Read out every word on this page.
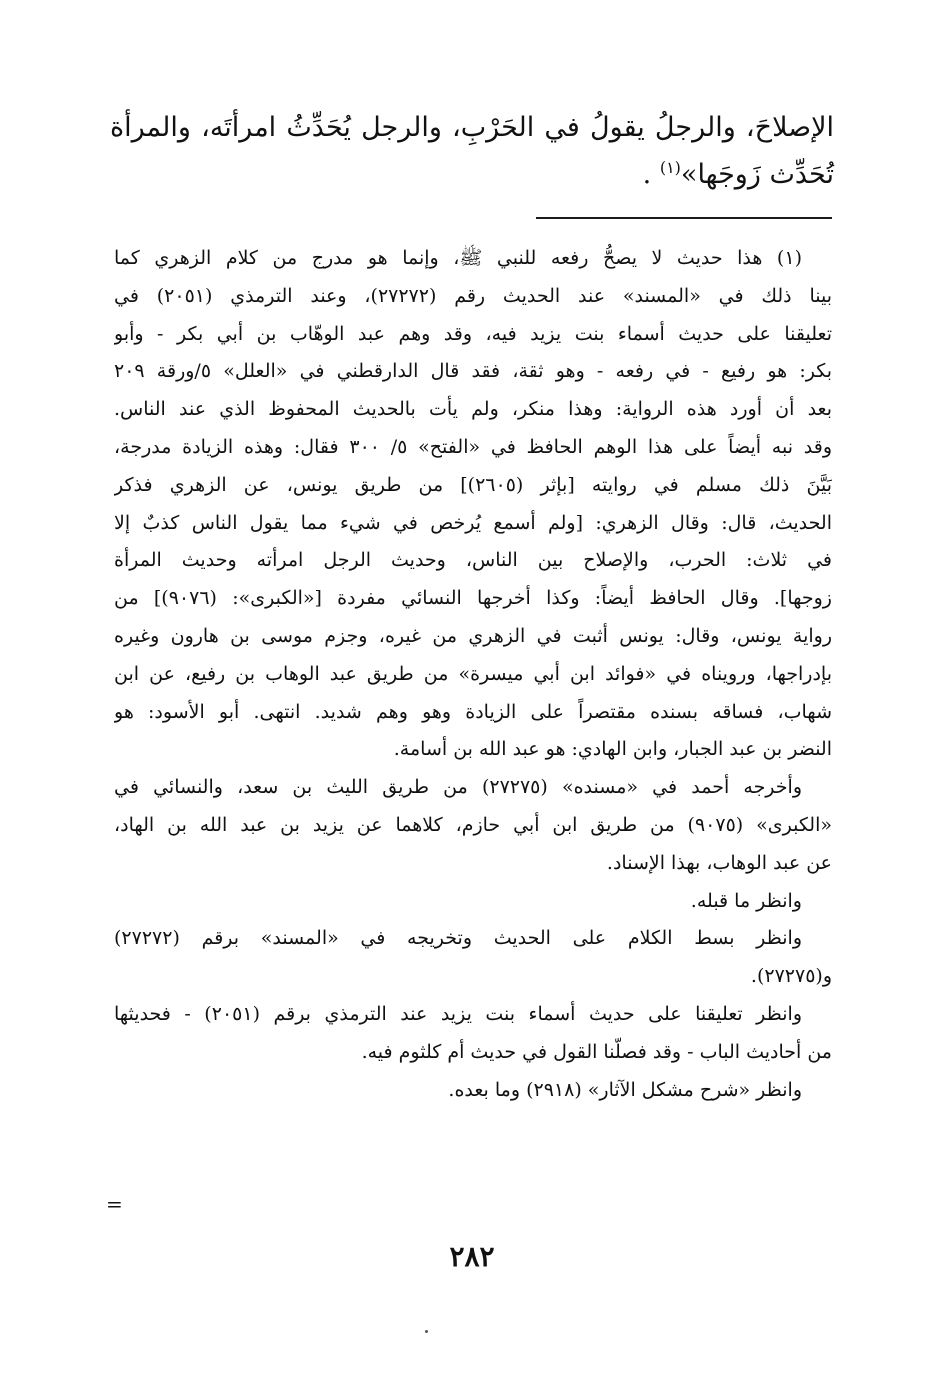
الإصلاحَ، والرجلُ يقولُ في الحَرْبِ، والرجل يُحَدِّثُ امرأتَه، والمرأة

تُحَدِّث زَوجَها»$^{(١)}$ .

(١) هذا حديث لا يصحُّ رفعه للنبي ﷺ، وإنما هو مدرج من كلام الزهري كما
بينا ذلك في «المسند» عند الحديث رقم (٢٧٢٧٢)، وعند الترمذي (٢٠٥١) في
تعليقنا على حديث أسماء بنت يزيد فيه، وقد وهم عبد الوهّاب بن أبي بكر - وأبو
بكر: هو رفيع - في رفعه - وهو ثقة، فقد قال الدارقطني في «العلل» ٥/ورقة ٢٠٩
بعد أن أورد هذه الرواية: وهذا منكر، ولم يأت بالحديث المحفوظ الذي عند الناس.
وقد نبه أيضاً على هذا الوهم الحافظ في «الفتح» ٥/ ٣٠٠ فقال: وهذه الزيادة مدرجة،
بَيَّنَ ذلك مسلم في روايته [بإثر (٢٦٠٥)] من طريق يونس، عن الزهري فذكر
الحديث، قال: وقال الزهري: [ولم أسمع يُرخص في شيء مما يقول الناس كذبٌ إلا
في ثلاث: الحرب، والإصلاح بين الناس، وحديث الرجل امرأته وحديث المرأة
زوجها]. وقال الحافظ أيضاً: وكذا أخرجها النسائي مفردة [«الكبرى»: (٩٠٧٦)] من
رواية يونس، وقال: يونس أثبت في الزهري من غيره، وجزم موسى بن هارون وغيره
بإدراجها، ورويناه في «فوائد ابن أبي ميسرة» من طريق عبد الوهاب بن رفيع، عن ابن
شهاب، فساقه بسنده مقتصراً على الزيادة وهو وهم شديد. انتهى. أبو الأسود: هو
النضر بن عبد الجبار، وابن الهادي: هو عبد الله بن أسامة.
وأخرجه أحمد في «مسنده» (٢٧٢٧٥) من طريق الليث بن سعد، والنسائي في
«الكبرى» (٩٠٧٥) من طريق ابن أبي حازم، كلاهما عن يزيد بن عبد الله بن الهاد،
عن عبد الوهاب، بهذا الإسناد.
وانظر ما قبله.
وانظر بسط الكلام على الحديث وتخريجه في «المسند» برقم (٢٧٢٧٢)
و(٢٧٢٧٥).
وانظر تعليقنا على حديث أسماء بنت يزيد عند الترمذي برقم (٢٠٥١) - فحديثها
من أحاديث الباب - وقد فصلّنا القول في حديث أم كلثوم فيه.
وانظر «شرح مشكل الآثار» (٢٩١٨) وما بعده.
=
٢٨٢
